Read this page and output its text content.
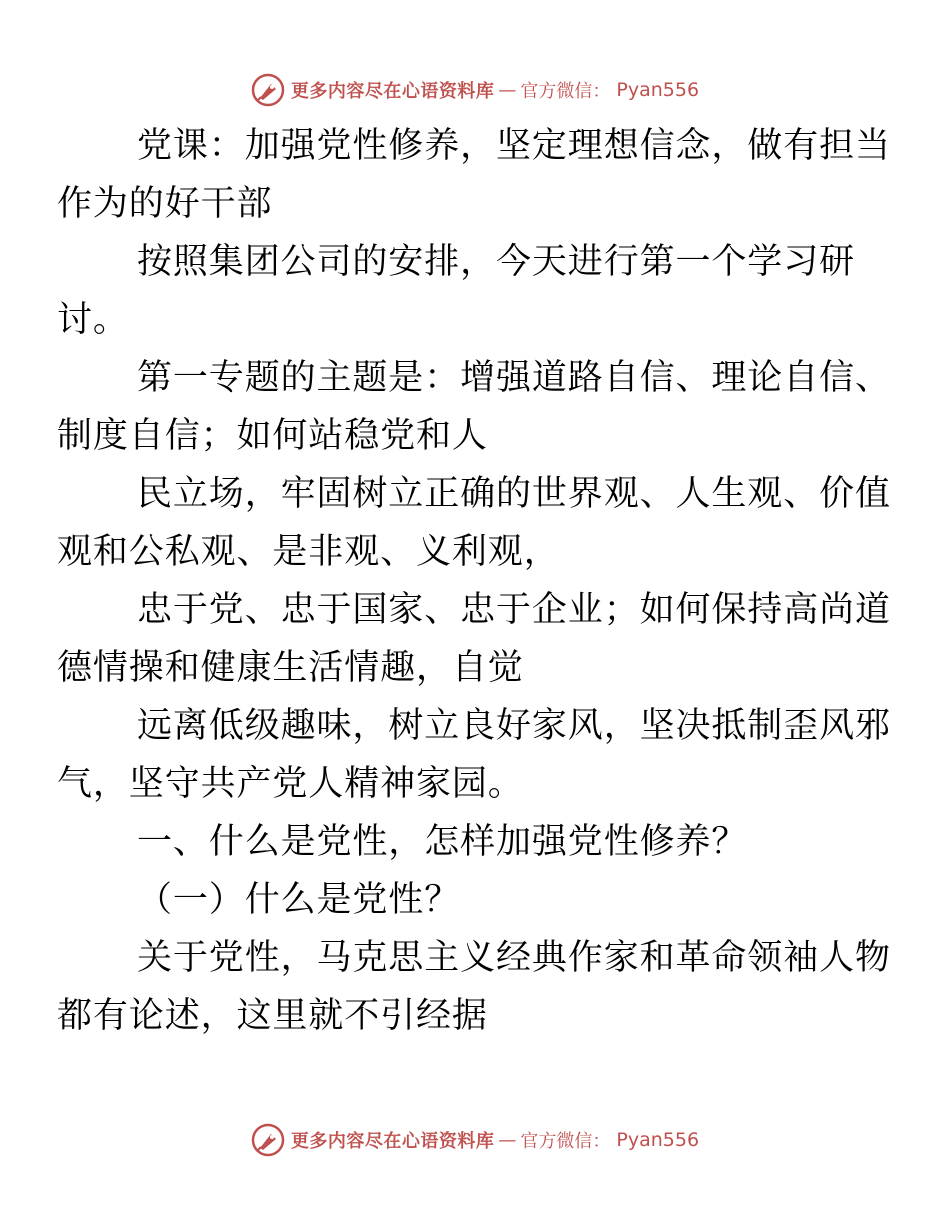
更多内容尽在心语资料库 — 官方微信： Pyan556

党课：加强党性修养，坚定理想信念，做有担当
作为的好干部

按照集团公司的安排，今天进行第一个学习研
讨。

第一专题的主题是：增强道路自信、理论自信、
制度自信；如何站稳党和人

民立场，牢固树立正确的世界观、人生观、价值
观和公私观、是非观、义利观，

忠于党、忠于国家、忠于企业；如何保持高尚道
德情操和健康生活情趣，自觉

远离低级趣味，树立良好家风，坚决抵制歪风邪
气，坚守共产党人精神家园。

一、什么是党性，怎样加强党性修养？

（一）什么是党性？

关于党性，马克思主义经典作家和革命领袖人物
都有论述，这里就不引经据

更多内容尽在心语资料库 — 官方微信： Pyan556
